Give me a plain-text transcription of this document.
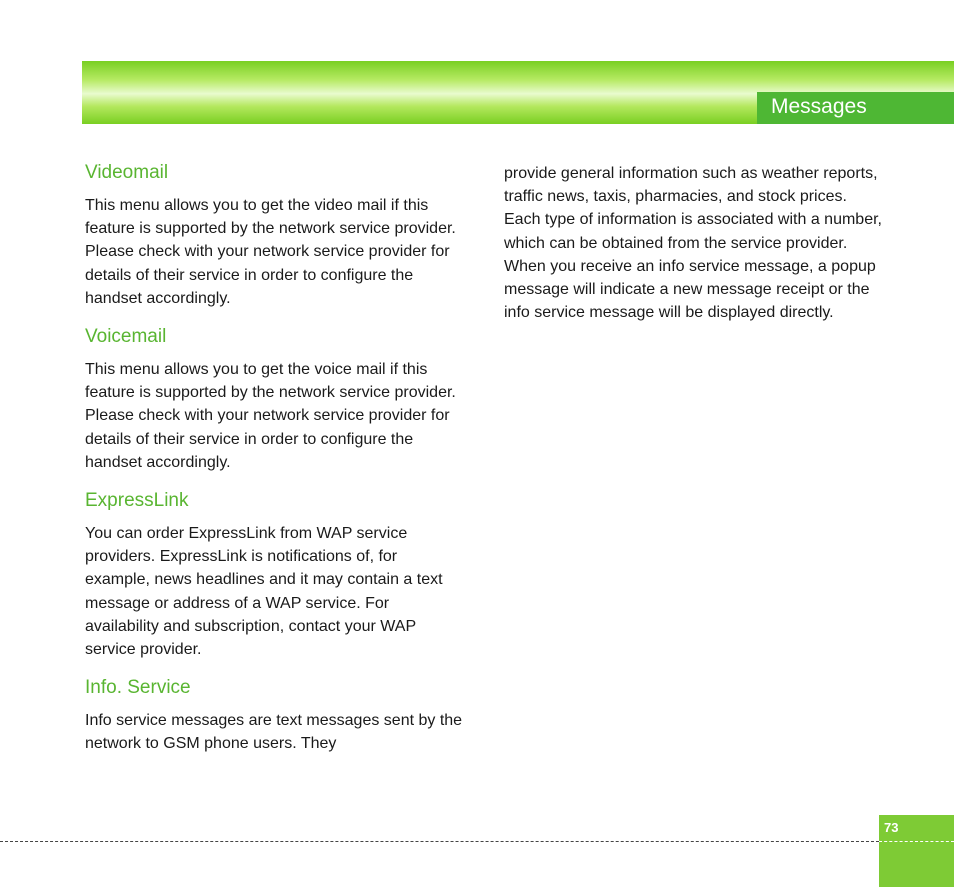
Messages
Videomail

This menu allows you to get the video mail if this feature is supported by the network service provider. Please check with your network service provider for details of their service in order to configure the handset accordingly.

Voicemail

This menu allows you to get the voice mail if this feature is supported by the network service provider. Please check with your network service provider for details of their service in order to configure the handset accordingly.

ExpressLink

You can order ExpressLink from WAP service providers. ExpressLink is notifications of, for example, news headlines and it may contain a text message or address of a WAP service. For availability and subscription, contact your WAP service provider.

Info. Service

Info service messages are text messages sent by the network to GSM phone users. They

provide general information such as weather reports, traffic news, taxis, pharmacies, and stock prices. Each type of information is associated with a number, which can be obtained from the service provider. When you receive an info service message, a popup message will indicate a new message receipt or the info service message will be displayed directly.

73
